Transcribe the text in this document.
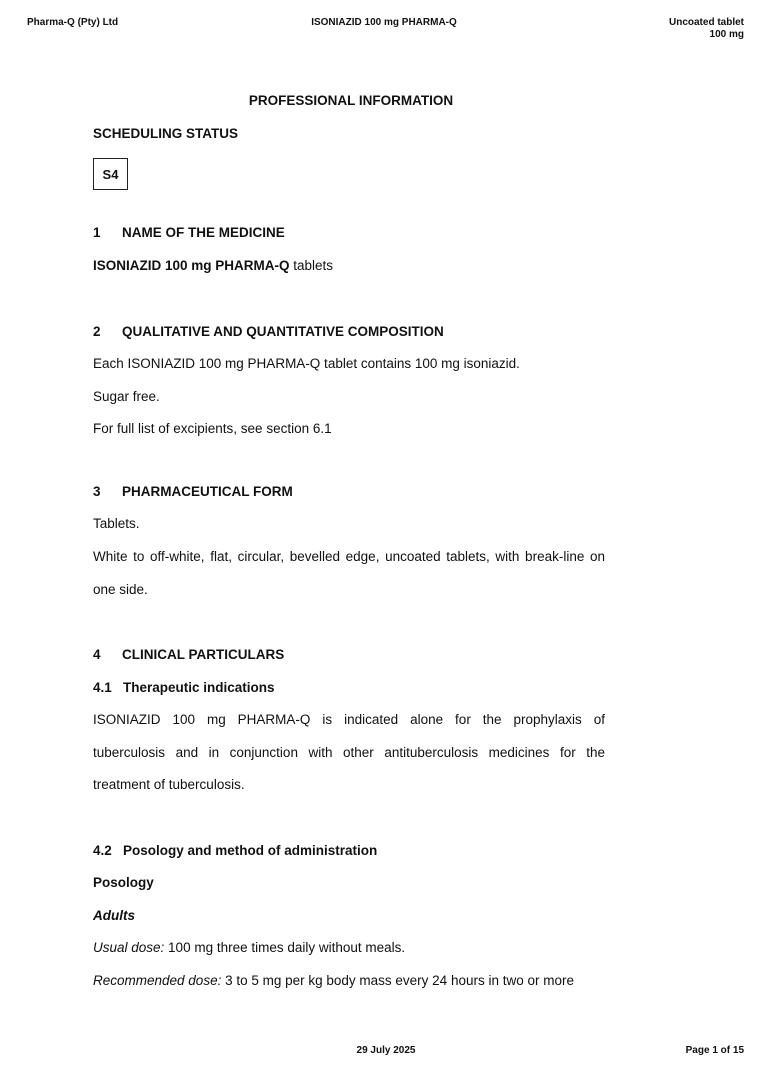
Pharma-Q (Pty) Ltd	ISONIAZID 100 mg PHARMA-Q	Uncoated tablet
100 mg
PROFESSIONAL INFORMATION
SCHEDULING STATUS
S4
1 NAME OF THE MEDICINE
ISONIAZID 100 mg PHARMA-Q tablets
2 QUALITATIVE AND QUANTITATIVE COMPOSITION
Each ISONIAZID 100 mg PHARMA-Q tablet contains 100 mg isoniazid.
Sugar free.
For full list of excipients, see section 6.1
3 PHARMACEUTICAL FORM
Tablets.
White to off-white, flat, circular, bevelled edge, uncoated tablets, with break-line on
one side.
4 CLINICAL PARTICULARS
4.1 Therapeutic indications
ISONIAZID 100 mg PHARMA-Q is indicated alone for the prophylaxis of
tuberculosis and in conjunction with other antituberculosis medicines for the
treatment of tuberculosis.
4.2 Posology and method of administration
Posology
Adults
Usual dose: 100 mg three times daily without meals.
Recommended dose: 3 to 5 mg per kg body mass every 24 hours in two or more
29 July 2025	Page 1 of 15
